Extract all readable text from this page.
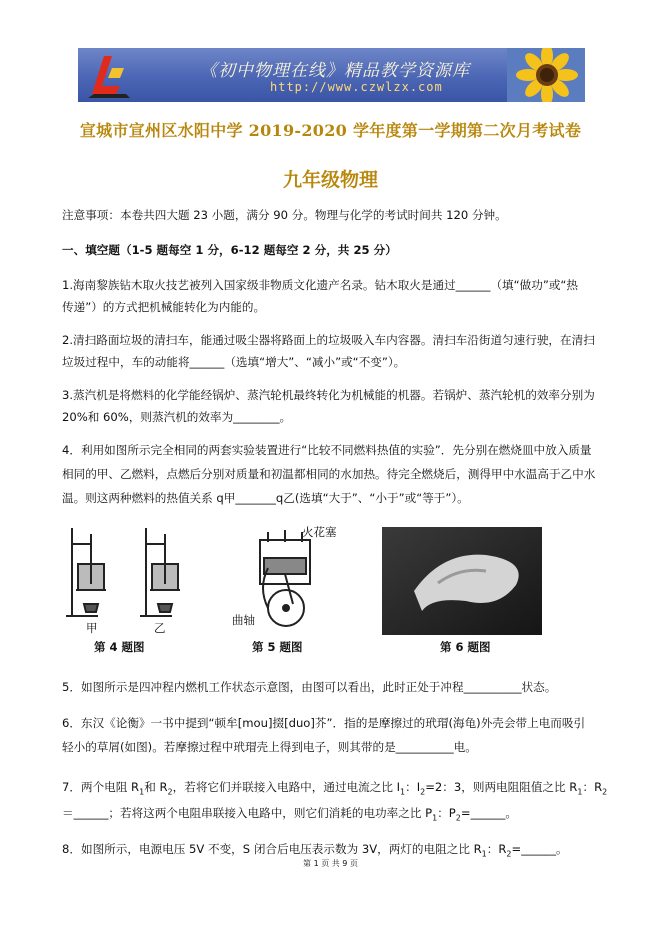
《初中物理在线》精品教学资源库
http://www.czwlzx.com
宣城市宣州区水阳中学 2019-2020 学年度第一学期第二次月考试卷
九年级物理
注意事项：本卷共四大题 23 小题，满分 90 分。物理与化学的考试时间共 120 分钟。
一、填空题（1-5 题每空 1 分，6-12 题每空 2 分，共 25 分）
1.海南黎族钻木取火技艺被列入国家级非物质文化遗产名录。钻木取火是通过______（填“做功”或“热
传递”）的方式把机械能转化为内能的。
2.清扫路面垃圾的清扫车，能通过吸尘器将路面上的垃圾吸入车内容器。清扫车沿街道匀速行驶，在清扫
垃圾过程中，车的动能将______（选填“增大”、“减小”或“不变”）。
3.蒸汽机是将燃料的化学能经锅炉、蒸汽轮机最终转化为机械能的机器。若锅炉、蒸汽轮机的效率分别为
20%和 60%，则蒸汽机的效率为________。
4．利用如图所示完全相同的两套实验装置进行“比较不同燃料热值的实验”．先分别在燃烧皿中放入质量
相同的甲、乙燃料，点燃后分别对质量和初温都相同的水加热。待完全燃烧后，测得甲中水温高于乙中水
温。则这两种燃料的热值关系 q甲_______q乙(选填“大于”、“小于”或“等于”）。
甲	乙
第 4 题图
火花塞
曲轴
第 5 题图	第 6 题图
5．如图所示是四冲程内燃机工作状态示意图，由图可以看出，此时正处于冲程__________状态。
6．东汉《论衡》一书中提到“顿牟[mou]掇[duo]芥”．指的是摩擦过的玳瑁(海龟)外壳会带上电而吸引
轻小的草屑(如图)。若摩擦过程中玳瑁壳上得到电子，则其带的是__________电。
7．两个电阻 $R_1$和 $R_2$，若将它们并联接入电路中，通过电流之比 $I_1$：$I_2=2$：3，则两电阻阻值之比 $R_1$：$R_2$
＝______；若将这两个电阻串联接入电路中，则它们消耗的电功率之比 $P_1$：$P_2=\_\_\_\_\_\_$。
8．如图所示，电源电压 5V 不变，S 闭合后电压表示数为 3V，两灯的电阻之比 $R_1$：$R_2=\_\_\_\_\_\_$。
第 1 页 共 9 页
